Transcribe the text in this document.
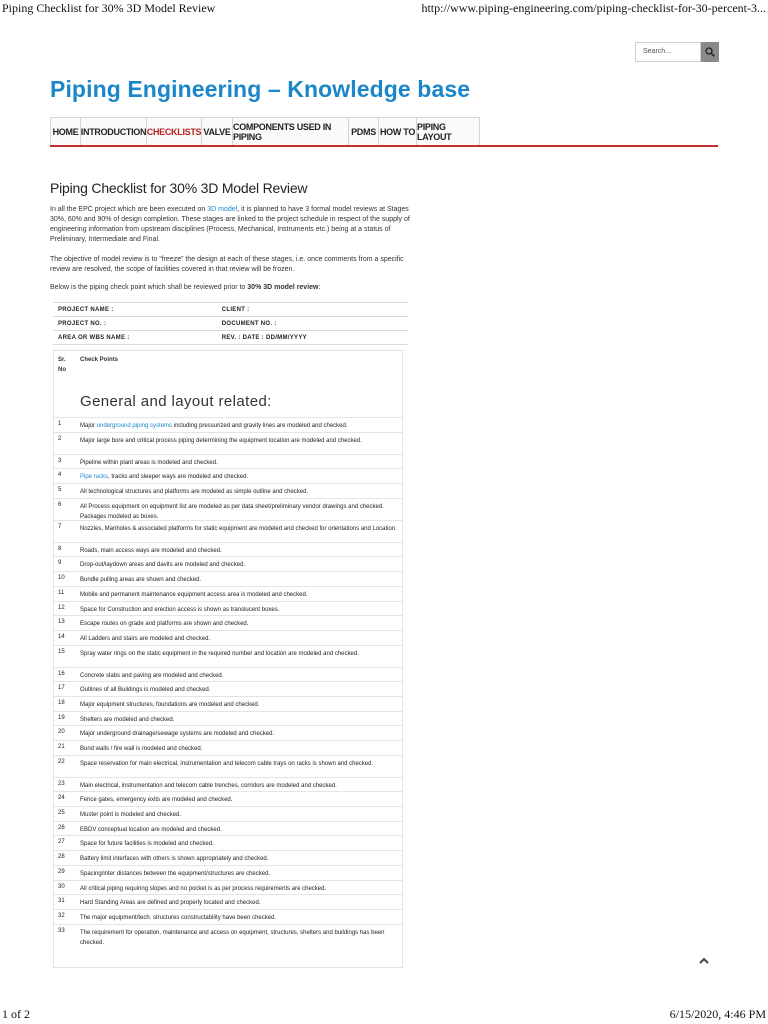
Piping Checklist for 30% 3D Model Review	http://www.piping-engineering.com/piping-checklist-for-30-percent-3...
Search...
Piping Engineering – Knowledge base
HOME INTRODUCTION CHECKLISTS VALVE COMPONENTS USED IN PIPING	PDMS HOW TO PIPING LAYOUT
Piping Checklist for 30% 3D Model Review
In all the EPC project which are been executed on 3D model, it is planned to have 3 formal model reviews at Stages 30%, 60% and 90% of design completion. These stages are linked to the project schedule in respect of the supply of engineering information from upstream disciplines (Process, Mechanical, Instruments etc.) being at a status of Preliminary, Intermediate and Final.
The objective of model review is to “freeze” the design at each of these stages, i.e. once comments from a specific review are resolved, the scope of facilities covered in that review will be frozen.
Below is the piping check point which shall be reviewed prior to 30% 3D model review:
PROJECT NAME :	CLIENT :
PROJECT NO. :	DOCUMENT NO. :
AREA OR WBS NAME :	REV. : DATE : DD/MM/YYYY
Sr.
No
Check Points
General and layout related:
1	Major underground piping systems including pressurized and gravity lines are modeled and checked.
2	Major large bore and critical process piping determining the equipment location are modeled and checked.
3	Pipeline within plant areas is modeled and checked.
4	Pipe racks, tracks and sleeper ways are modeled and checked.
5	All technological structures and platforms are modeled as simple outline and checked.
6	All Process equipment on equipment list are modeled as per data sheet/preliminary vendor drawings and checked. Packages modeled as boxes.
7	Nozzles, Manholes & associated platforms for static equipment are modeled and checked for orientations and Location.
8	Roads, main access ways are modeled and checked.
9	Drop-out/laydown areas and davits are modeled and checked.
10	Bundle pulling areas are shown and checked.
11	Mobile and permanent maintenance equipment access area is modeled and checked.
12	Space for Construction and erection access is shown as translucent boxes.
13	Escape routes on grade and platforms are shown and checked.
14	All Ladders and stairs are modeled and checked.
15	Spray water rings on the static equipment in the required number and location are modeled and checked.
16	Concrete slabs and paving are modeled and checked.
17	Outlines of all Buildings is modeled and checked.
18	Major equipment structures, foundations are modeled and checked.
19	Shelters are modeled and checked.
20	Major underground drainage/sewage systems are modeled and checked.
21	Bund walls / fire wall is modeled and checked.
22	Space reservation for main electrical, instrumentation and telecom cable trays on racks is shown and checked.
23	Main electrical, instrumentation and telecom cable trenches, corridors are modeled and checked.
24	Fence gates, emergency exits are modeled and checked.
25	Muster point is modeled and checked.
26	EBDV conceptual location are modeled and checked.
27	Space for future facilities is modeled and checked.
28	Battery limit interfaces with others is shown appropriately and checked.
29	Spacing/inter distances between the equipment/structures are checked.
30	All critical piping requiring slopes and no pocket is as per process requirements are checked.
31	Hard Standing Areas are defined and properly located and checked.
32	The major equipment/tech. structures constructability have been checked.
33	The requirement for operation, maintenance and access on equipment, structures, shelters and buildings has been checked.
1 of 2	6/15/2020, 4:46 PM
